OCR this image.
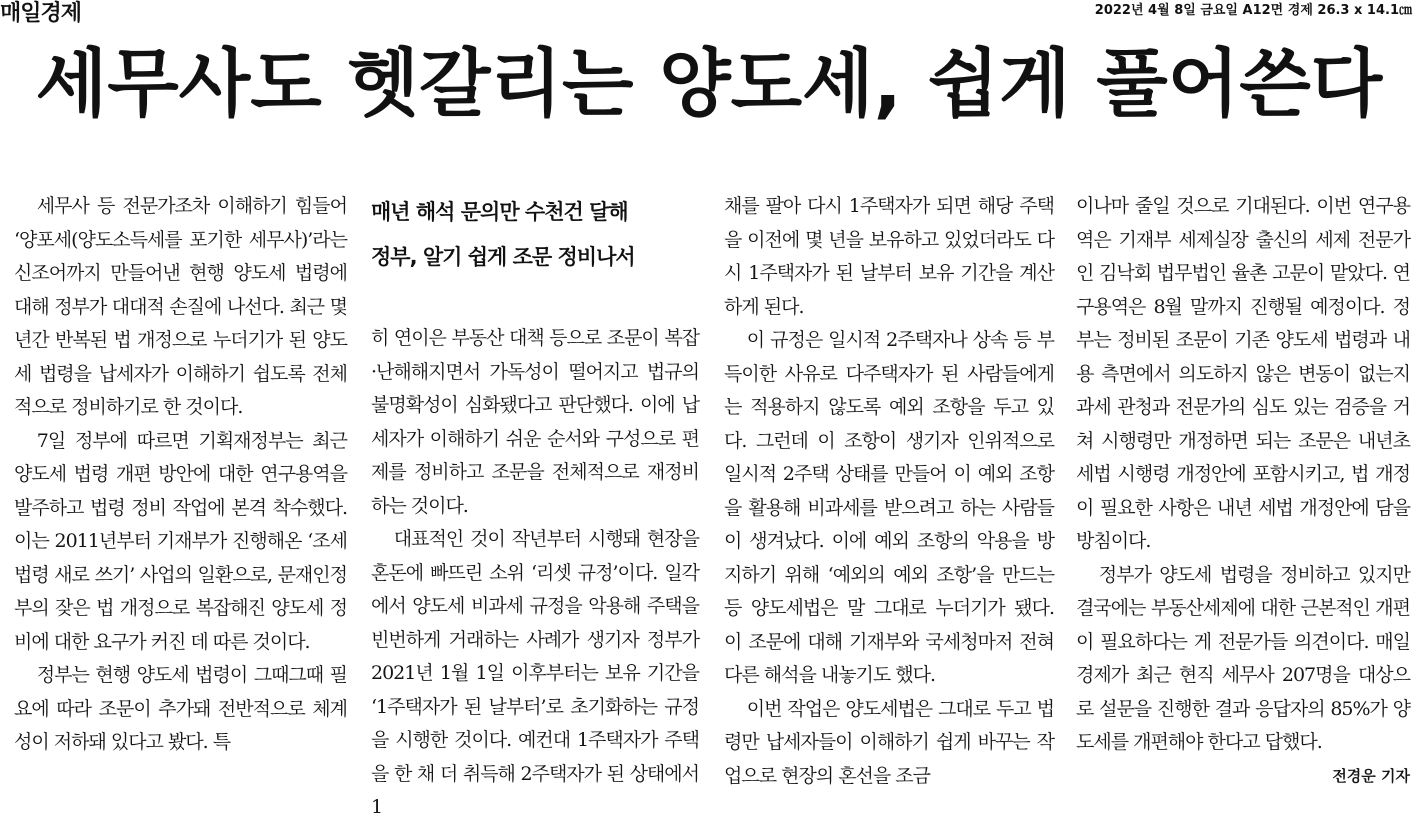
매일경제	2022년 4월 8일 금요일 A12면 경제 26.3 x 14.1㎝
세무사도 헷갈리는 양도세, 쉽게 풀어쓴다

세무사 등 전문가조차 이해하기 힘들어 ‘양포세(양도소득세를 포기한 세무사)’라는 신조어까지 만들어낸 현행 양도세 법령에 대해 정부가 대대적 손질에 나선다. 최근 몇 년간 반복된 법 개정으로 누더기가 된 양도세 법령을 납세자가 이해하기 쉽도록 전체적으로 정비하기로 한 것이다.

7일 정부에 따르면 기획재정부는 최근 양도세 법령 개편 방안에 대한 연구용역을 발주하고 법령 정비 작업에 본격 착수했다. 이는 2011년부터 기재부가 진행해온 ‘조세법령 새로 쓰기’ 사업의 일환으로, 문재인정부의 잦은 법 개정으로 복잡해진 양도세 정비에 대한 요구가 커진 데 따른 것이다.

정부는 현행 양도세 법령이 그때그때 필요에 따라 조문이 추가돼 전반적으로 체계성이 저하돼 있다고 봤다. 특

매년 해석 문의만 수천건 달해
정부, 알기 쉽게 조문 정비나서

히 연이은 부동산 대책 등으로 조문이 복잡·난해해지면서 가독성이 떨어지고 법규의 불명확성이 심화됐다고 판단했다. 이에 납세자가 이해하기 쉬운 순서와 구성으로 편제를 정비하고 조문을 전체적으로 재정비하는 것이다.

대표적인 것이 작년부터 시행돼 현장을 혼돈에 빠뜨린 소위 ‘리셋 규정’이다. 일각에서 양도세 비과세 규정을 악용해 주택을 빈번하게 거래하는 사례가 생기자 정부가 2021년 1월 1일 이후부터는 보유 기간을 ‘1주택자가 된 날부터’로 초기화하는 규정을 시행한 것이다. 예컨대 1주택자가 주택을 한 채 더 취득해 2주택자가 된 상태에서 1

채를 팔아 다시 1주택자가 되면 해당 주택을 이전에 몇 년을 보유하고 있었더라도 다시 1주택자가 된 날부터 보유 기간을 계산하게 된다.

이 규정은 일시적 2주택자나 상속 등 부득이한 사유로 다주택자가 된 사람들에게는 적용하지 않도록 예외 조항을 두고 있다. 그런데 이 조항이 생기자 인위적으로 일시적 2주택 상태를 만들어 이 예외 조항을 활용해 비과세를 받으려고 하는 사람들이 생겨났다. 이에 예외 조항의 악용을 방지하기 위해 ‘예외의 예외 조항’을 만드는 등 양도세법은 말 그대로 누더기가 됐다. 이 조문에 대해 기재부와 국세청마저 전혀 다른 해석을 내놓기도 했다.

이번 작업은 양도세법은 그대로 두고 법령만 납세자들이 이해하기 쉽게 바꾸는 작업으로 현장의 혼선을 조금

이나마 줄일 것으로 기대된다. 이번 연구용역은 기재부 세제실장 출신의 세제 전문가인 김낙회 법무법인 율촌 고문이 맡았다. 연구용역은 8월 말까지 진행될 예정이다. 정부는 정비된 조문이 기존 양도세 법령과 내용 측면에서 의도하지 않은 변동이 없는지 과세 관청과 전문가의 심도 있는 검증을 거쳐 시행령만 개정하면 되는 조문은 내년초 세법 시행령 개정안에 포함시키고, 법 개정이 필요한 사항은 내년 세법 개정안에 담을 방침이다.

정부가 양도세 법령을 정비하고 있지만 결국에는 부동산세제에 대한 근본적인 개편이 필요하다는 게 전문가들 의견이다. 매일경제가 최근 현직 세무사 207명을 대상으로 설문을 진행한 결과 응답자의 85%가 양도세를 개편해야 한다고 답했다.
전경운 기자
